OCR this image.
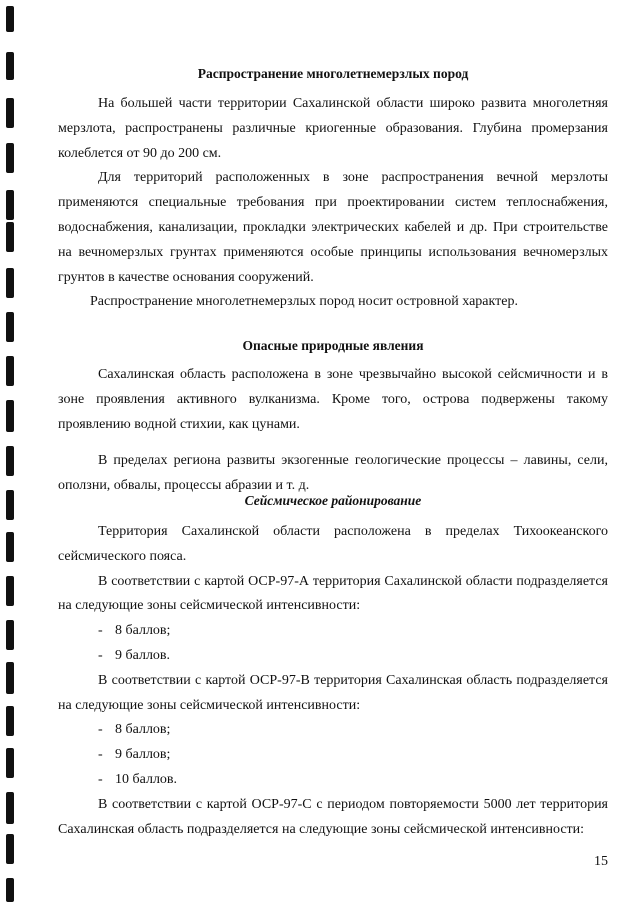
Распространение многолетнемерзлых пород

На большей части территории Сахалинской области широко развита многолетняя мерзлота, распространены различные криогенные образования. Глубина промерзания колеблется от 90 до 200 см.

Для территорий расположенных в зоне распространения вечной мерзлоты применяются специальные требования при проектировании систем теплоснабжения, водоснабжения, канализации, прокладки электрических кабелей и др. При строительстве на вечномерзлых грунтах применяются особые принципы использования вечномерзлых грунтов в качестве основания сооружений.

Распространение многолетнемерзлых пород носит островной характер.

Опасные природные явления

Сахалинская область расположена в зоне чрезвычайно высокой сейсмичности и в зоне проявления активного вулканизма. Кроме того, острова подвержены такому проявлению водной стихии, как цунами.

В пределах региона развиты экзогенные геологические процессы – лавины, сели, оползни, обвалы, процессы абразии и т. д.

Сейсмическое районирование

Территория Сахалинской области расположена в пределах Тихоокеанского сейсмического пояса.

В соответствии с картой ОСР-97-А территория Сахалинской области подразделяется на следующие зоны сейсмической интенсивности:

- 8 баллов;
- 9 баллов.

В соответствии с картой ОСР-97-В территория Сахалинская область подразделяется на следующие зоны сейсмической интенсивности:

- 8 баллов;
- 9 баллов;
- 10 баллов.

В соответствии с картой ОСР-97-С с периодом повторяемости 5000 лет территория Сахалинская область подразделяется на следующие зоны сейсмической интенсивности:

15
